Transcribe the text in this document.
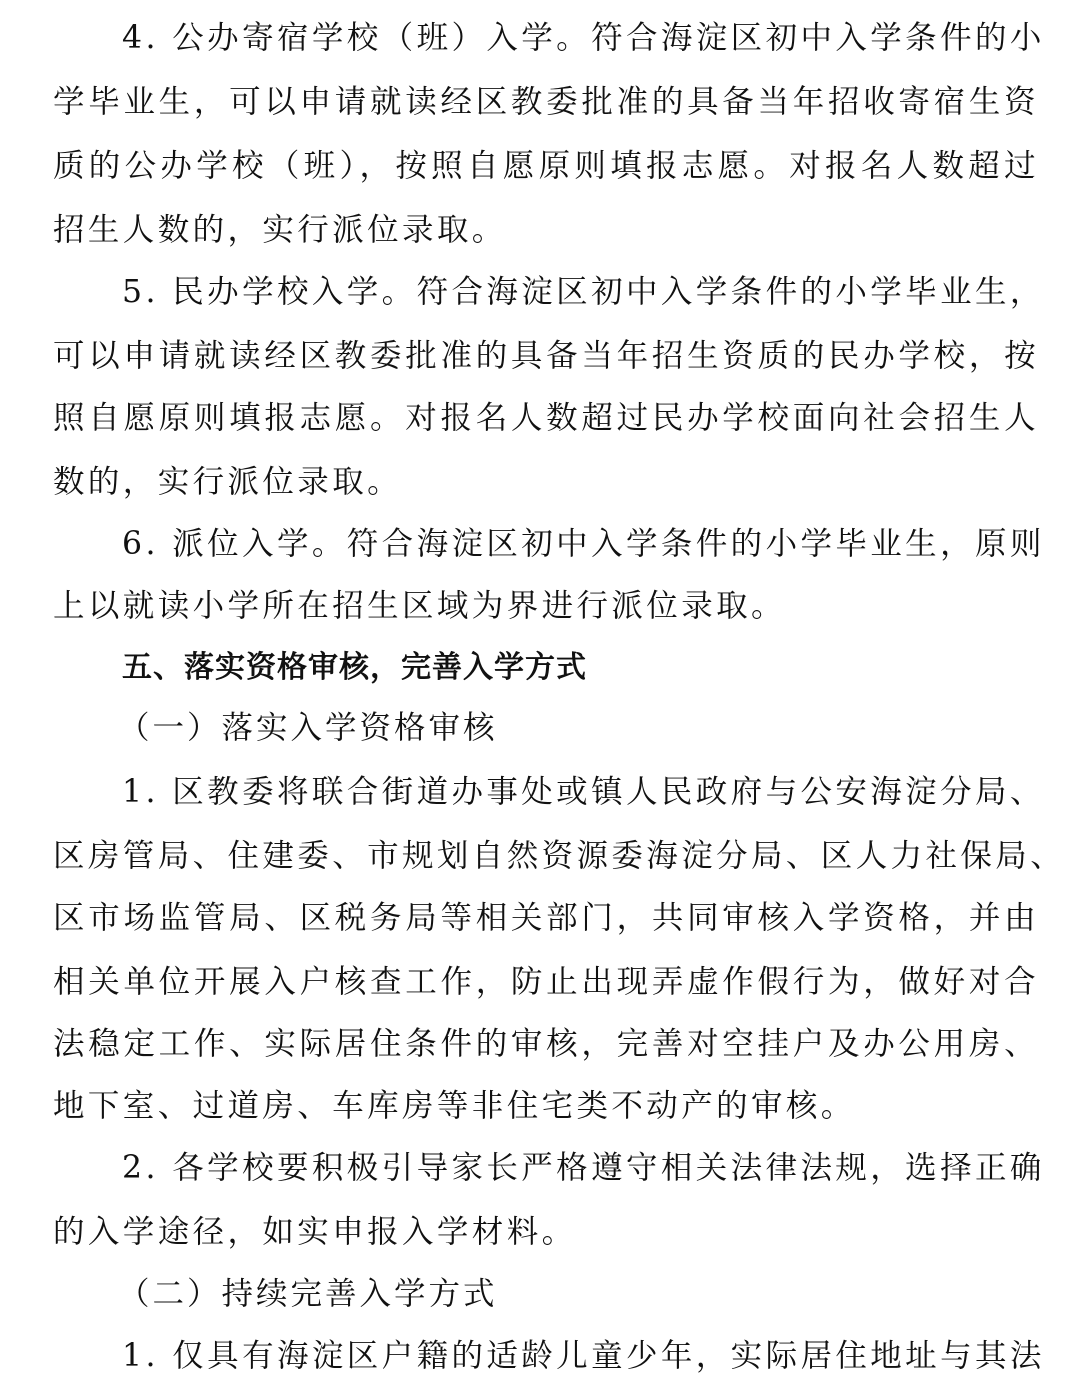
4. 公办寄宿学校（班）入学。符合海淀区初中入学条件的小
学毕业生，可以申请就读经区教委批准的具备当年招收寄宿生资
质的公办学校（班），按照自愿原则填报志愿。对报名人数超过
招生人数的，实行派位录取。
5. 民办学校入学。符合海淀区初中入学条件的小学毕业生，
可以申请就读经区教委批准的具备当年招生资质的民办学校，按
照自愿原则填报志愿。对报名人数超过民办学校面向社会招生人
数的，实行派位录取。
6. 派位入学。符合海淀区初中入学条件的小学毕业生，原则
上以就读小学所在招生区域为界进行派位录取。
五、落实资格审核，完善入学方式
（一）落实入学资格审核
1. 区教委将联合街道办事处或镇人民政府与公安海淀分局、
区房管局、住建委、市规划自然资源委海淀分局、区人力社保局、
区市场监管局、区税务局等相关部门，共同审核入学资格，并由
相关单位开展入户核查工作，防止出现弄虚作假行为，做好对合
法稳定工作、实际居住条件的审核，完善对空挂户及办公用房、
地下室、过道房、车库房等非住宅类不动产的审核。
2. 各学校要积极引导家长严格遵守相关法律法规，选择正确
的入学途径，如实申报入学材料。
（二）持续完善入学方式
1. 仅具有海淀区户籍的适龄儿童少年，实际居住地址与其法
